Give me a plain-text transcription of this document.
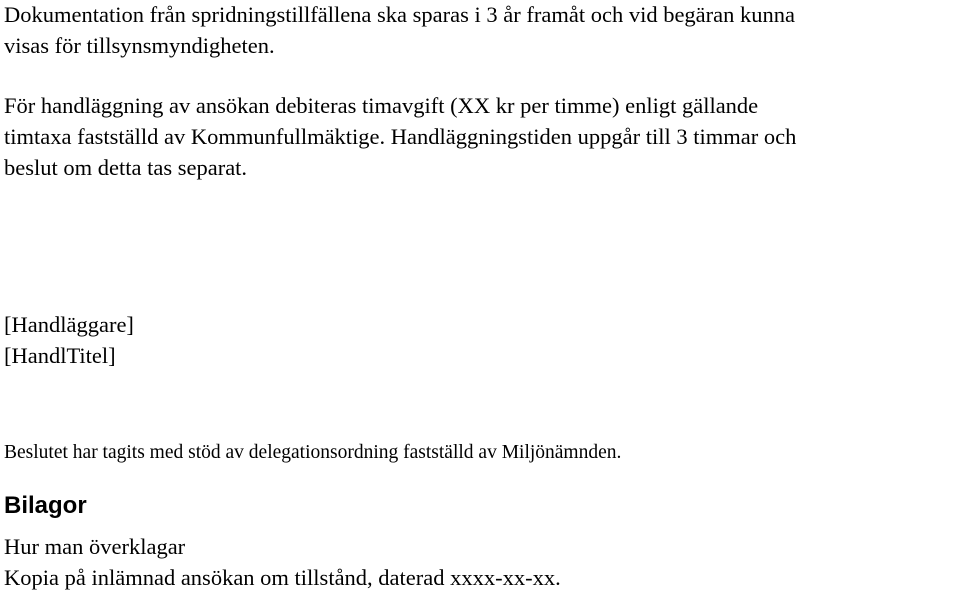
Dokumentation från spridningstillfällena ska sparas i 3 år framåt och vid begäran kunna
visas för tillsynsmyndigheten.

För handläggning av ansökan debiteras timavgift (XX kr per timme) enligt gällande
timtaxa fastställd av Kommunfullmäktige. Handläggningstiden uppgår till 3 timmar och
beslut om detta tas separat.

[Handläggare]
[HandlTitel]

Beslutet har tagits med stöd av delegationsordning fastställd av Miljönämnden.

Bilagor
Hur man överklagar
Kopia på inlämnad ansökan om tillstånd, daterad xxxx-xx-xx.
